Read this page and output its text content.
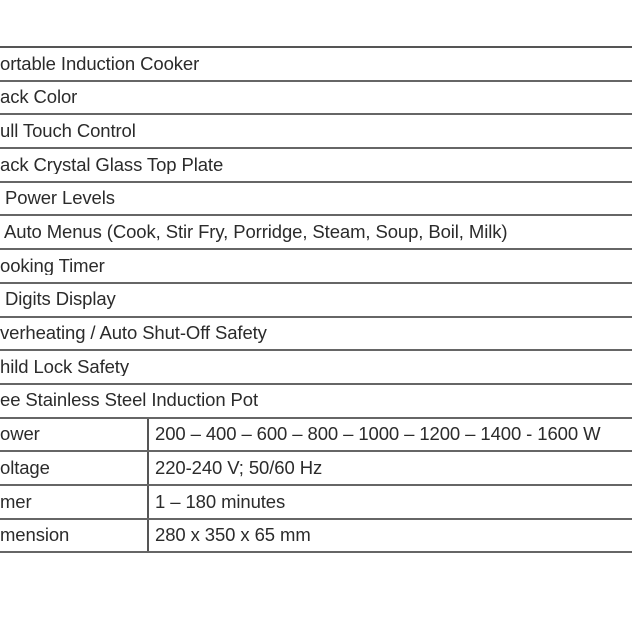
ortable Induction Cooker
ack Color
ull Touch Control
ack Crystal Glass Top Plate
Power Levels
Auto Menus (Cook, Stir Fry, Porridge, Steam, Soup, Boil, Milk)
ooking Timer
Digits Display
verheating / Auto Shut-Off Safety
hild Lock Safety
ee Stainless Steel Induction Pot
ower	200 – 400 – 600 – 800 – 1000 – 1200 – 1400 - 1600 W
oltage	220-240 V; 50/60 Hz
mer	1 – 180 minutes
mension	280 x 350 x 65 mm
